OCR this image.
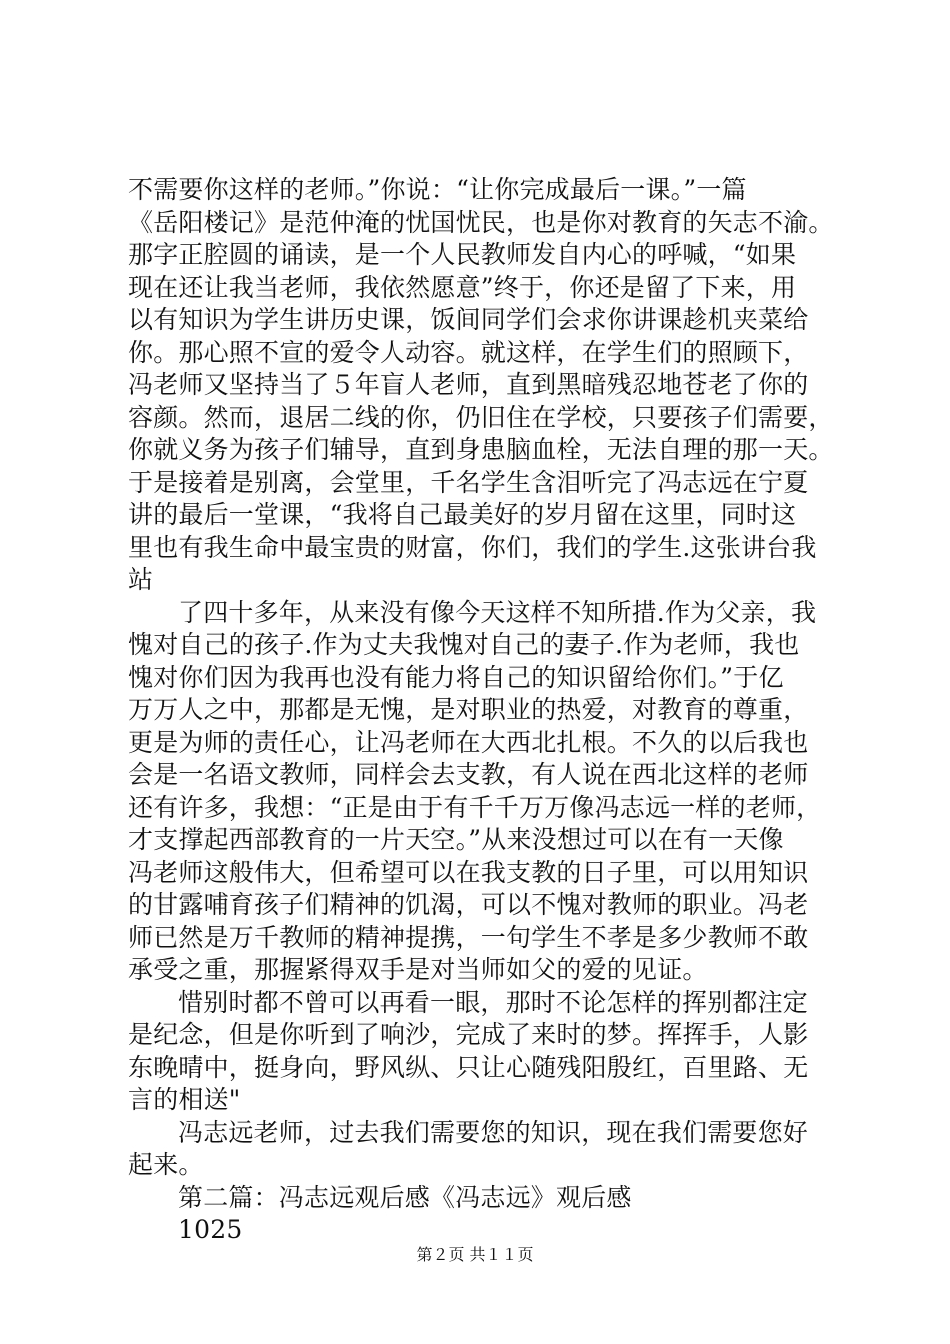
不需要你这样的老师。”你说：“让你完成最后一课。”一篇
《岳阳楼记》是范仲淹的忧国忧民，也是你对教育的矢志不渝。
那字正腔圆的诵读，是一个人民教师发自内心的呼喊，“如果
现在还让我当老师，我依然愿意”终于，你还是留了下来，用
以有知识为学生讲历史课，饭间同学们会求你讲课趁机夹菜给
你。那心照不宣的爱令人动容。就这样，在学生们的照顾下，
冯老师又坚持当了５年盲人老师，直到黑暗残忍地苍老了你的
容颜。然而，退居二线的你，仍旧住在学校，只要孩子们需要，
你就义务为孩子们辅导，直到身患脑血栓，无法自理的那一天。
于是接着是别离，会堂里，千名学生含泪听完了冯志远在宁夏
讲的最后一堂课，“我将自己最美好的岁月留在这里，同时这
里也有我生命中最宝贵的财富，你们，我们的学生.这张讲台我
站
了四十多年，从来没有像今天这样不知所措.作为父亲，我
愧对自己的孩子.作为丈夫我愧对自己的妻子.作为老师，我也
愧对你们因为我再也没有能力将自己的知识留给你们。”于亿
万万人之中，那都是无愧，是对职业的热爱，对教育的尊重，
更是为师的责任心，让冯老师在大西北扎根。不久的以后我也
会是一名语文教师，同样会去支教，有人说在西北这样的老师
还有许多，我想：“正是由于有千千万万像冯志远一样的老师，
才支撑起西部教育的一片天空。”从来没想过可以在有一天像
冯老师这般伟大，但希望可以在我支教的日子里，可以用知识
的甘露哺育孩子们精神的饥渴，可以不愧对教师的职业。冯老
师已然是万千教师的精神提携，一句学生不孝是多少教师不敢
承受之重，那握紧得双手是对当师如父的爱的见证。
惜别时都不曾可以再看一眼，那时不论怎样的挥别都注定
是纪念，但是你听到了响沙，完成了来时的梦。挥挥手，人影
东晚晴中，挺身向，野风纵、只让心随残阳殷红，百里路、无
言的相送"
冯志远老师，过去我们需要您的知识，现在我们需要您好
起来。
第二篇：冯志远观后感《冯志远》观后感
1025
第２页 共１１页
